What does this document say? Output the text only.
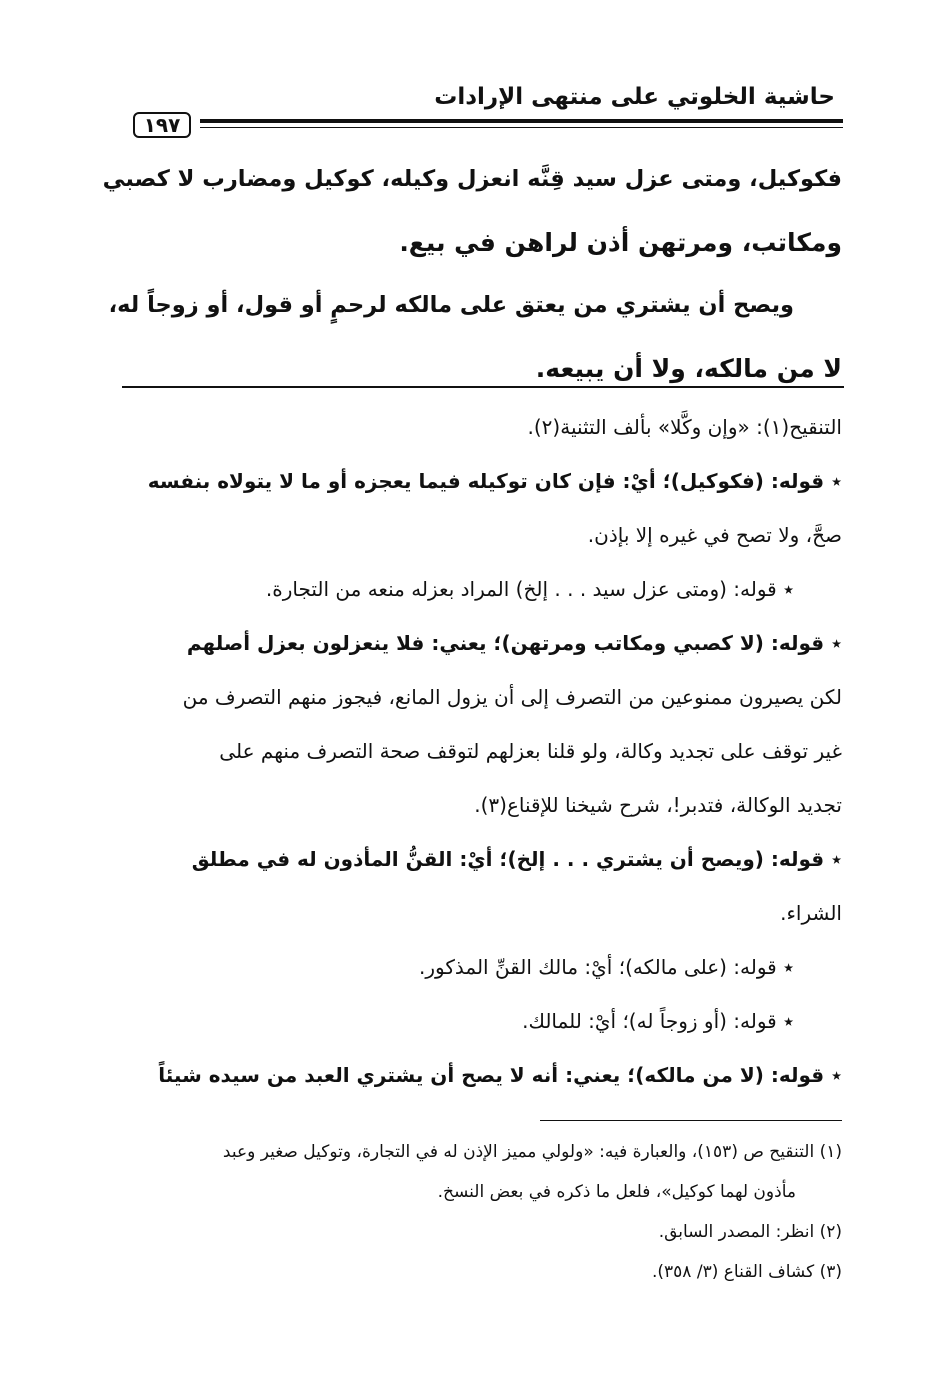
حاشية الخلوتي على منتهى الإرادات
١٩٧

فكوكيل، ومتى عزل سيد قِنَّه انعزل وكيله، كوكيل ومضارب لا كصبي

ومكاتب، ومرتهن أذن لراهن في بيع.

ويصح أن يشتري من يعتق على مالكه لرحمٍ أو قول، أو زوجاً له،

لا من مالكه، ولا أن يبيعه.

التنقيح(١): «وإن وكَّلا» بألف التثنية(٢).

٭ قوله: (فكوكيل)؛ أيْ: فإن كان توكيله فيما يعجزه أو ما لا يتولاه بنفسه

صحَّ، ولا تصح في غيره إلا بإذن.

٭ قوله: (ومتى عزل سيد . . . إلخ) المراد بعزله منعه من التجارة.

٭ قوله: (لا كصبي ومكاتب ومرتهن)؛ يعني: فلا ينعزلون بعزل أصلهم

لكن يصيرون ممنوعين من التصرف إلى أن يزول المانع، فيجوز منهم التصرف من

غير توقف على تجديد وكالة، ولو قلنا بعزلهم لتوقف صحة التصرف منهم على

تجديد الوكالة، فتدبر!، شرح شيخنا للإقناع(٣).

٭ قوله: (ويصح أن يشتري . . . إلخ)؛ أيْ: القنُّ المأذون له في مطلق

الشراء.

٭ قوله: (على مالكه)؛ أيْ: مالك القنِّ المذكور.

٭ قوله: (أو زوجاً له)؛ أيْ: للمالك.

٭ قوله: (لا من مالكه)؛ يعني: أنه لا يصح أن يشتري العبد من سيده شيئاً

(١) التنقيح ص (١٥٣)، والعبارة فيه: «ولولي مميز الإذن له في التجارة، وتوكيل صغير وعبد

مأذون لهما كوكيل»، فلعل ما ذكره في بعض النسخ.

(٢) انظر: المصدر السابق.

(٣) كشاف القناع (٣/ ٣٥٨).
